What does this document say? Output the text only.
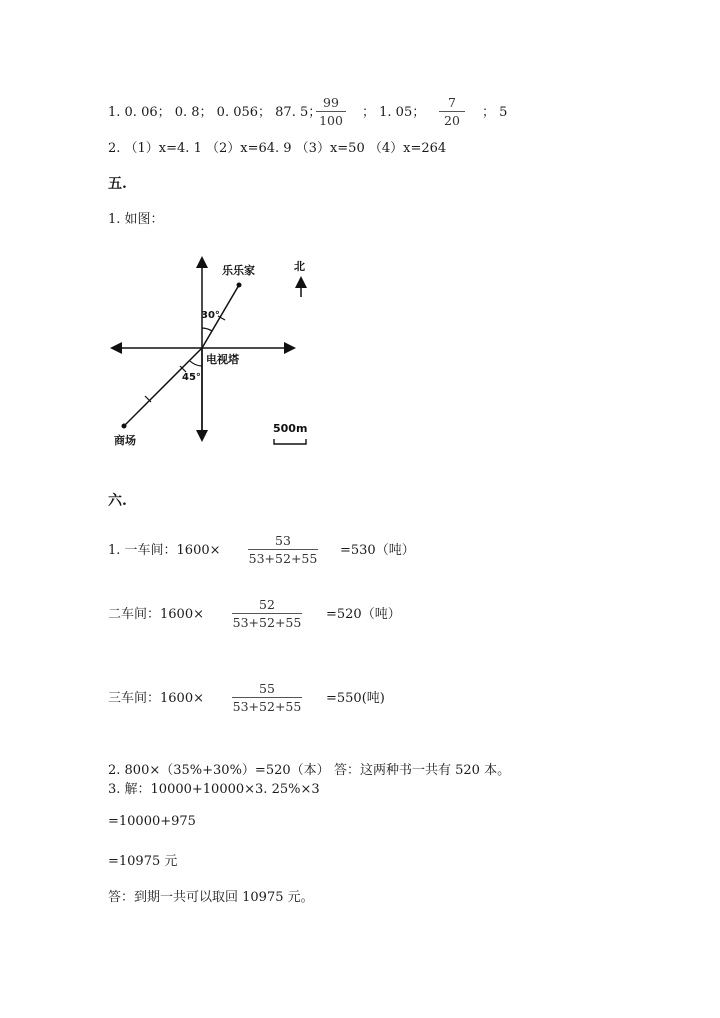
1. 0. 06； 0. 8； 0. 056； 87. 5；
99
100
； 1. 05；
7
20
； 5
2. （1）x=4. 1 （2）x=64. 9 （3）x=50 （4）x=264
五.
1. 如图：
乐乐家
30°
电视塔
45°
商场
北
500m
六.
1. 一车间：1600×
53
53+52+55
=530（吨）
二车间：1600×
52
53+52+55
=520（吨）
三车间：1600×
55
53+52+55
=550(吨)
2. 800×（35%+30%）=520（本） 答：这两种书一共有 520 本。
3. 解：10000+10000×3. 25%×3
=10000+975
=10975 元
答：到期一共可以取回 10975 元。
